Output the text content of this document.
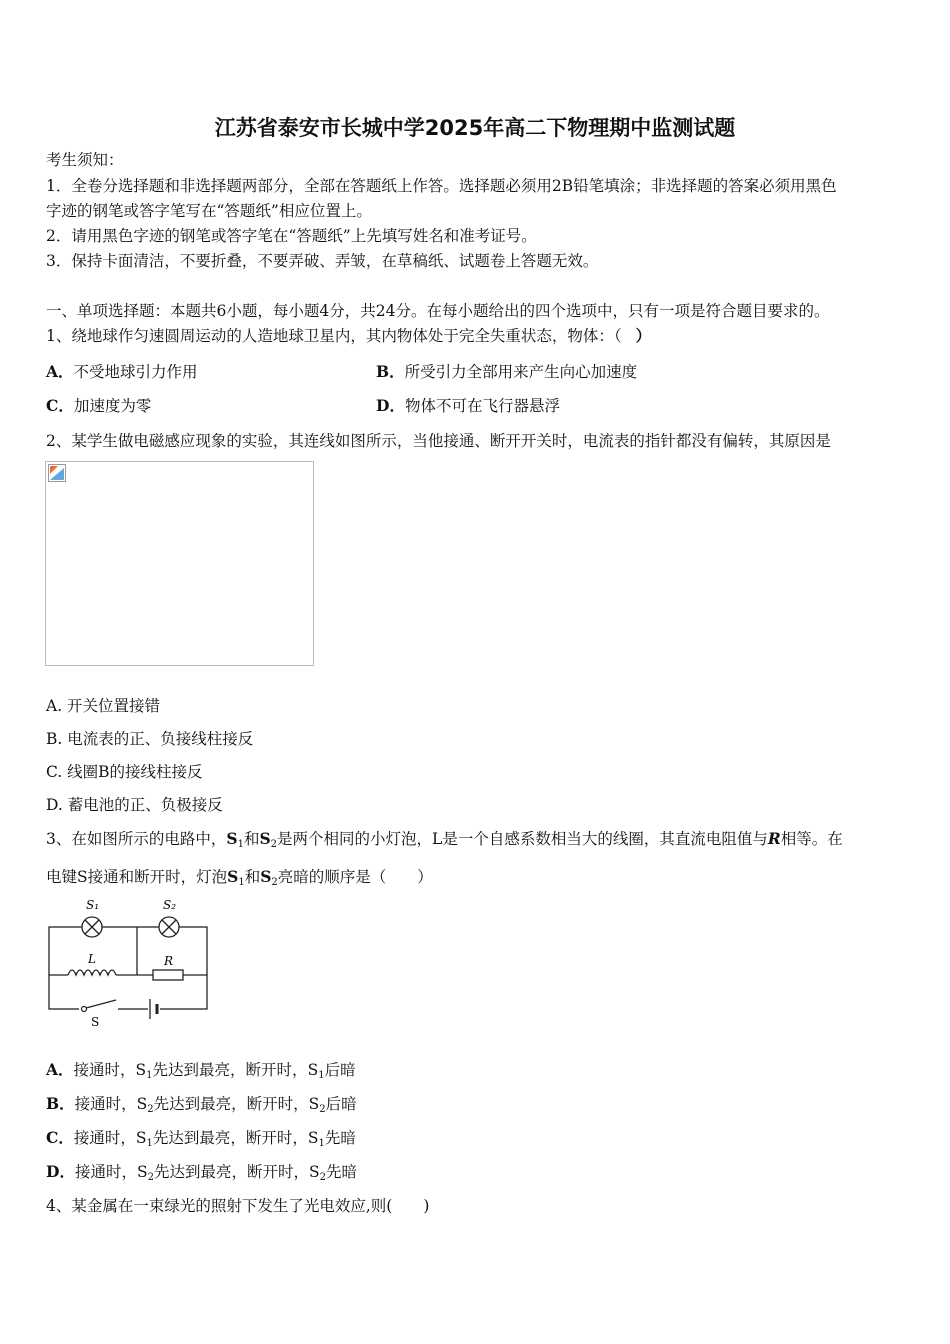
江苏省泰安市长城中学2025年高二下物理期中监测试题
考生须知：
1．全卷分选择题和非选择题两部分，全部在答题纸上作答。选择题必须用2B铅笔填涂；非选择题的答案必须用黑色
字迹的钢笔或答字笔写在“答题纸”相应位置上。
2．请用黑色字迹的钢笔或答字笔在“答题纸”上先填写姓名和准考证号。
3．保持卡面清洁，不要折叠，不要弄破、弄皱，在草稿纸、试题卷上答题无效。
一、单项选择题：本题共6小题，每小题4分，共24分。在每小题给出的四个选项中，只有一项是符合题目要求的。
1、绕地球作匀速圆周运动的人造地球卫星内，其内物体处于完全失重状态，物体：（ ）
A．不受地球引力作用	B．所受引力全部用来产生向心加速度
C．加速度为零	D．物体不可在飞行器悬浮
2、某学生做电磁感应现象的实验，其连线如图所示，当他接通、断开开关时，电流表的指针都没有偏转，其原因是
A. 开关位置接错
B. 电流表的正、负接线柱接反
C. 线圈B的接线柱接反
D. 蓄电池的正、负极接反
3、在如图所示的电路中，$S_1$和$S_2$是两个相同的小灯泡，L是一个自感系数相当大的线圈，其直流电阻值与R相等。在
电键S接通和断开时，灯泡$S_1$和$S_2$亮暗的顺序是（　　）
S₁	S₂
L	R
S
A．接通时，$S_1$先达到最亮，断开时，$S_1$后暗
B．接通时，$S_2$先达到最亮，断开时，$S_2$后暗
C．接通时，$S_1$先达到最亮，断开时，$S_1$先暗
D．接通时，$S_2$先达到最亮，断开时，$S_2$先暗
4、某金属在一束绿光的照射下发生了光电效应,则(　　)
